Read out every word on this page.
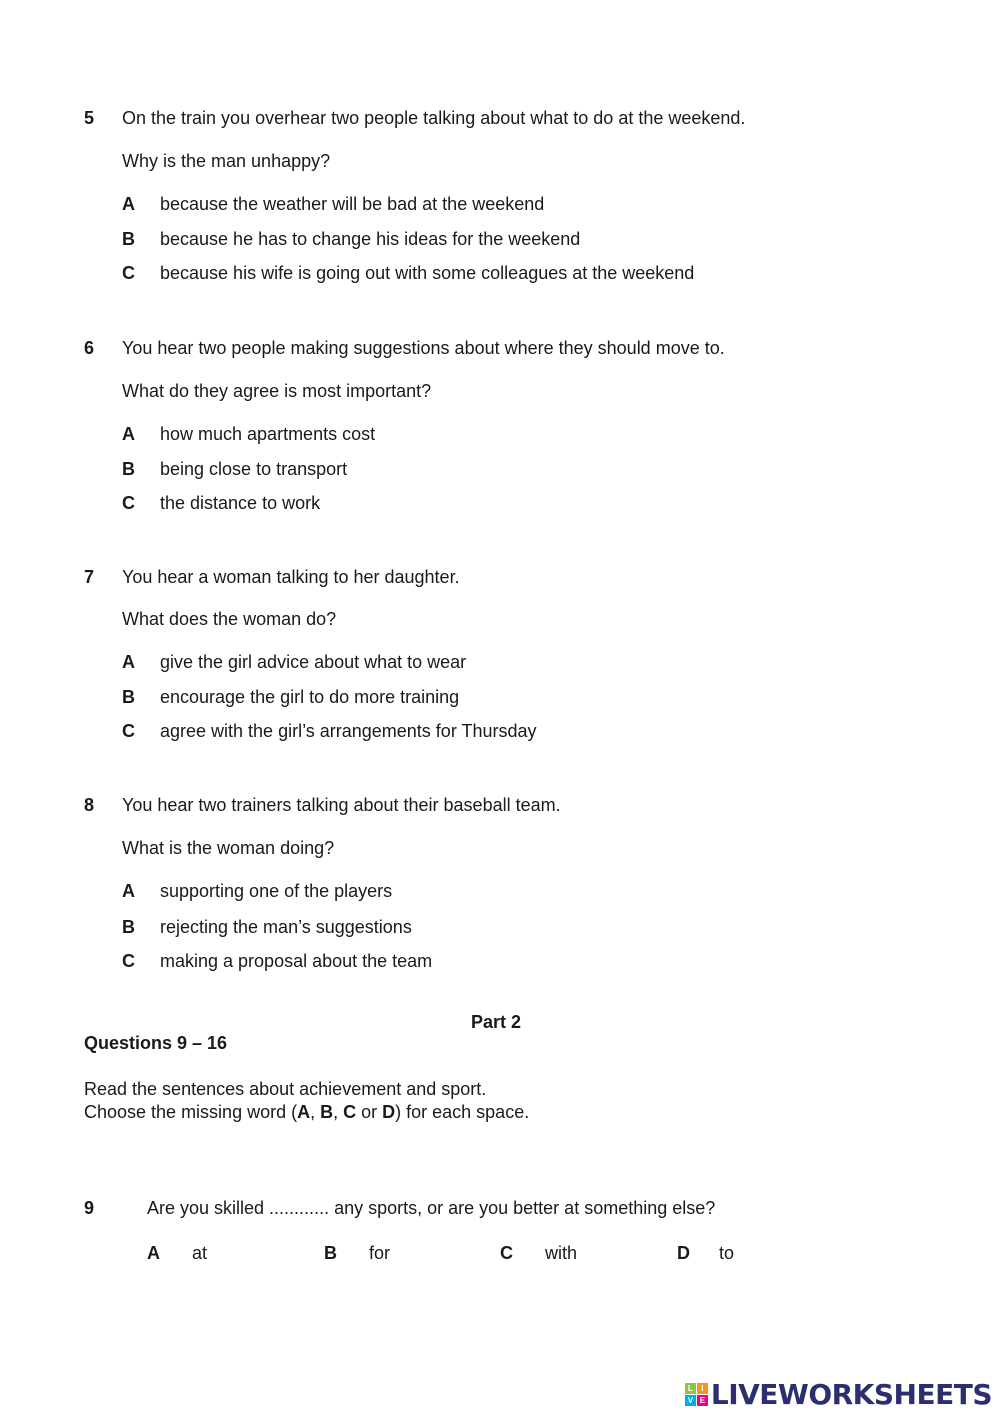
5 On the train you overhear two people talking about what to do at the weekend.
Why is the man unhappy?
A because the weather will be bad at the weekend
B because he has to change his ideas for the weekend
C because his wife is going out with some colleagues at the weekend
6 You hear two people making suggestions about where they should move to.
What do they agree is most important?
A how much apartments cost
B being close to transport
C the distance to work
7 You hear a woman talking to her daughter.
What does the woman do?
A give the girl advice about what to wear
B encourage the girl to do more training
C agree with the girl’s arrangements for Thursday
8 You hear two trainers talking about their baseball team.
What is the woman doing?
A supporting one of the players
B rejecting the man’s suggestions
C making a proposal about the team
Part 2
Questions 9 – 16
Read the sentences about achievement and sport.
Choose the missing word (A, B, C or D) for each space.
9	Are you skilled ............ any sports, or are you better at something else?
A at	B for	C with	D to
L	I
V E LIVEWORKSHEETS
